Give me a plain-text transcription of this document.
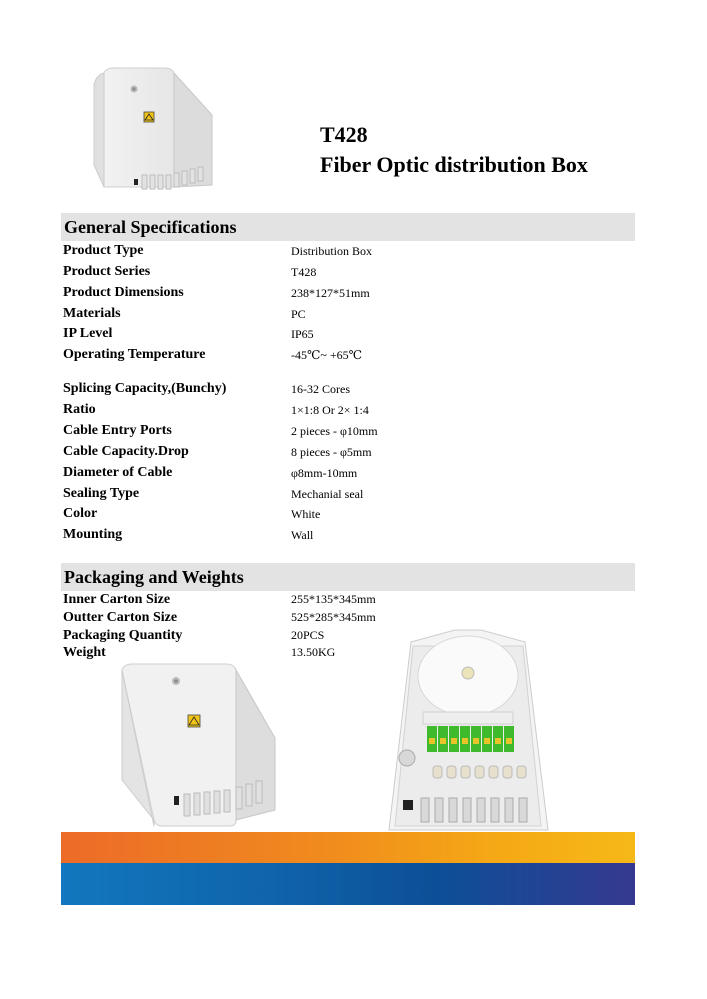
T428
Fiber Optic distribution Box
General Specifications
Product Type	Distribution Box
Product Series	T428
Product Dimensions	238*127*51mm
Materials	PC
IP Level	IP65
Operating Temperature	-45℃~ +65℃
Splicing Capacity,(Bunchy)	16-32 Cores
Ratio	1×1:8 Or 2× 1:4
Cable Entry Ports	2 pieces - φ10mm
Cable Capacity.Drop	8 pieces - φ5mm
Diameter of Cable	φ8mm-10mm
Sealing Type	Mechanial seal
Color	White
Mounting	Wall
Packaging and Weights
Inner Carton Size	255*135*345mm
Outter Carton Size	525*285*345mm
Packaging Quantity	20PCS
Weight	13.50KG
